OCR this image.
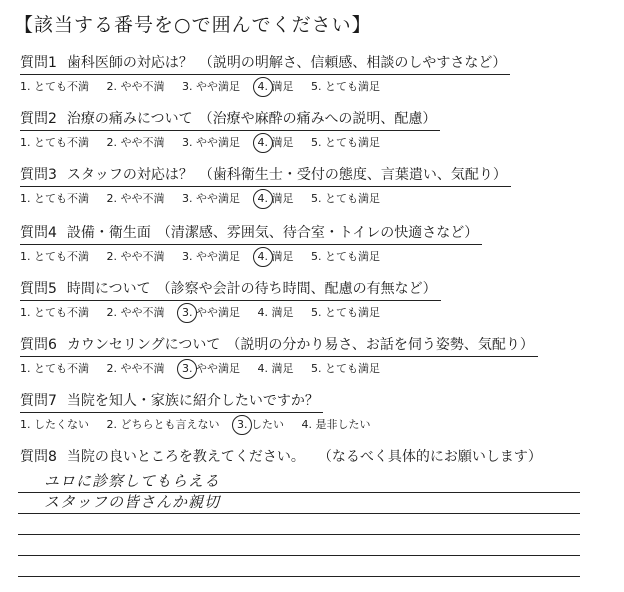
【該当する番号を○で囲んでください】
質問1 歯科医師の対応は？ （説明の明解さ、信頼感、相談のしやすさなど）
1. とても不満 2. やや不満 3. やや満足 4. 満足 5. とても満足
質問2 治療の痛みについて （治療や麻酔の痛みへの説明、配慮）
1. とても不満 2. やや不満 3. やや満足 4. 満足 5. とても満足
質問3 スタッフの対応は？ （歯科衛生士・受付の態度、言葉遣い、気配り）
1. とても不満 2. やや不満 3. やや満足 4. 満足 5. とても満足
質問4 設備・衛生面 （清潔感、雰囲気、待合室・トイレの快適さなど）
1. とても不満 2. やや不満 3. やや満足 4. 満足 5. とても満足
質問5 時間について （診察や会計の待ち時間、配慮の有無など）
1. とても不満 2. やや不満 3. やや満足 4. 満足 5. とても満足
質問6 カウンセリングについて （説明の分かり易さ、お話を伺う姿勢、気配り）
1. とても不満 2. やや不満 3. やや満足 4. 満足 5. とても満足
質問7 当院を知人・家族に紹介したいですか？
1. したくない 2. どちらとも言えない 3. したい 4. 是非したい
質問8 当院の良いところを教えてください。 （なるべく具体的にお願いします）
ユロに診察してもらえる
スタッフの皆さんか親切
